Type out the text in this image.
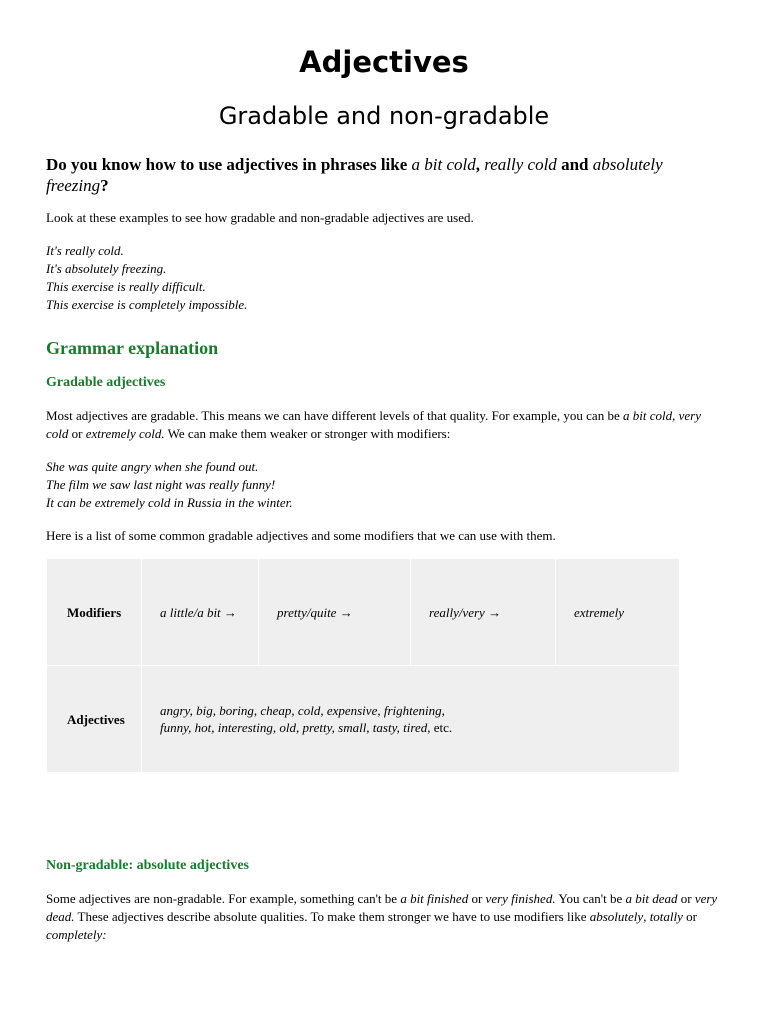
Adjectives
Gradable and non-gradable
Do you know how to use adjectives in phrases like a bit cold, really cold and absolutely freezing?
Look at these examples to see how gradable and non-gradable adjectives are used.
It's really cold.
It's absolutely freezing.
This exercise is really difficult.
This exercise is completely impossible.
Grammar explanation
Gradable adjectives
Most adjectives are gradable. This means we can have different levels of that quality. For example, you can be a bit cold, very cold or extremely cold. We can make them weaker or stronger with modifiers:
She was quite angry when she found out.
The film we saw last night was really funny!
It can be extremely cold in Russia in the winter.
Here is a list of some common gradable adjectives and some modifiers that we can use with them.
Modifiers	a little/a bit →	pretty/quite →	really/very →	extremely
Adjectives	angry, big, boring, cheap, cold, expensive, frightening,
funny, hot, interesting, old, pretty, small, tasty, tired, etc.			
Non-gradable: absolute adjectives
Some adjectives are non-gradable. For example, something can't be a bit finished or very finished. You can't be a bit dead or very dead. These adjectives describe absolute qualities. To make them stronger we have to use modifiers like absolutely, totally or completely:
